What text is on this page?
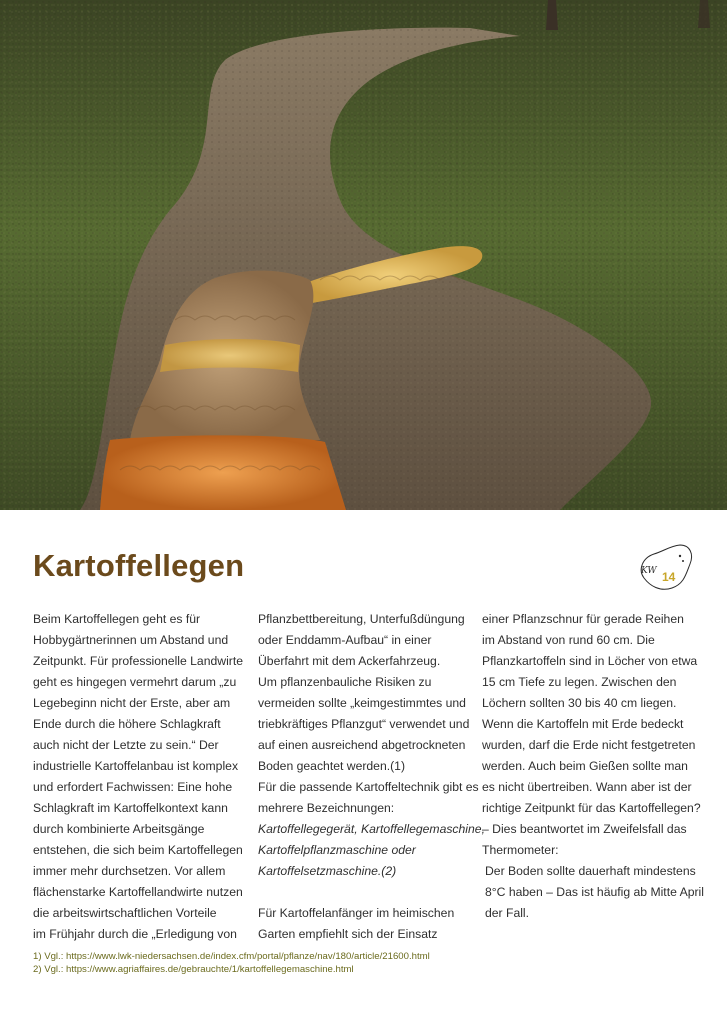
Kartoffellegen	KW 14
Beim Kartoffellegen geht es für
Hobbygärtnerinnen um Abstand und
Zeitpunkt. Für professionelle Landwirte
geht es hingegen vermehrt darum „zu
Legebeginn nicht der Erste, aber am
Ende durch die höhere Schlagkraft
auch nicht der Letzte zu sein.“ Der
industrielle Kartoffelanbau ist komplex
und erfordert Fachwissen: Eine hohe
Schlagkraft im Kartoffelkontext kann
durch kombinierte Arbeitsgänge
entstehen, die sich beim Kartoffellegen
immer mehr durchsetzen. Vor allem
flächenstarke Kartoffellandwirte nutzen
die arbeitswirtschaftlichen Vorteile
im Frühjahr durch die „Erledigung von
Pflanzbettbereitung, Unterfußdüngung
oder Enddamm-Aufbau“ in einer
Überfahrt mit dem Ackerfahrzeug.
Um pflanzenbauliche Risiken zu
vermeiden sollte „keimgestimmtes und
triebkräftiges Pflanzgut“ verwendet und
auf einen ausreichend abgetrockneten
Boden geachtet werden.(1)
Für die passende Kartoffeltechnik gibt es
mehrere Bezeichnungen:
Kartoffellegegerät, Kartoffellegemaschine,
Kartoffelpflanzmaschine oder
Kartoffelsetzmaschine.(2)
Für Kartoffelanfänger im heimischen
Garten empfiehlt sich der Einsatz
einer Pflanzschnur für gerade Reihen
im Abstand von rund 60 cm. Die
Pflanzkartoffeln sind in Löcher von etwa
15 cm Tiefe zu legen. Zwischen den
Löchern sollten 30 bis 40 cm liegen.
Wenn die Kartoffeln mit Erde bedeckt
wurden, darf die Erde nicht festgetreten
werden. Auch beim Gießen sollte man
es nicht übertreiben. Wann aber ist der
richtige Zeitpunkt für das Kartoffellegen?
– Dies beantwortet im Zweifelsfall das
Thermometer:
Der Boden sollte dauerhaft mindestens
8°C haben – Das ist häufig ab Mitte April
der Fall.
1) Vgl.: https://www.lwk-niedersachsen.de/index.cfm/portal/pflanze/nav/180/article/21600.html
2) Vgl.: https://www.agriaffaires.de/gebrauchte/1/kartoffellegemaschine.html
